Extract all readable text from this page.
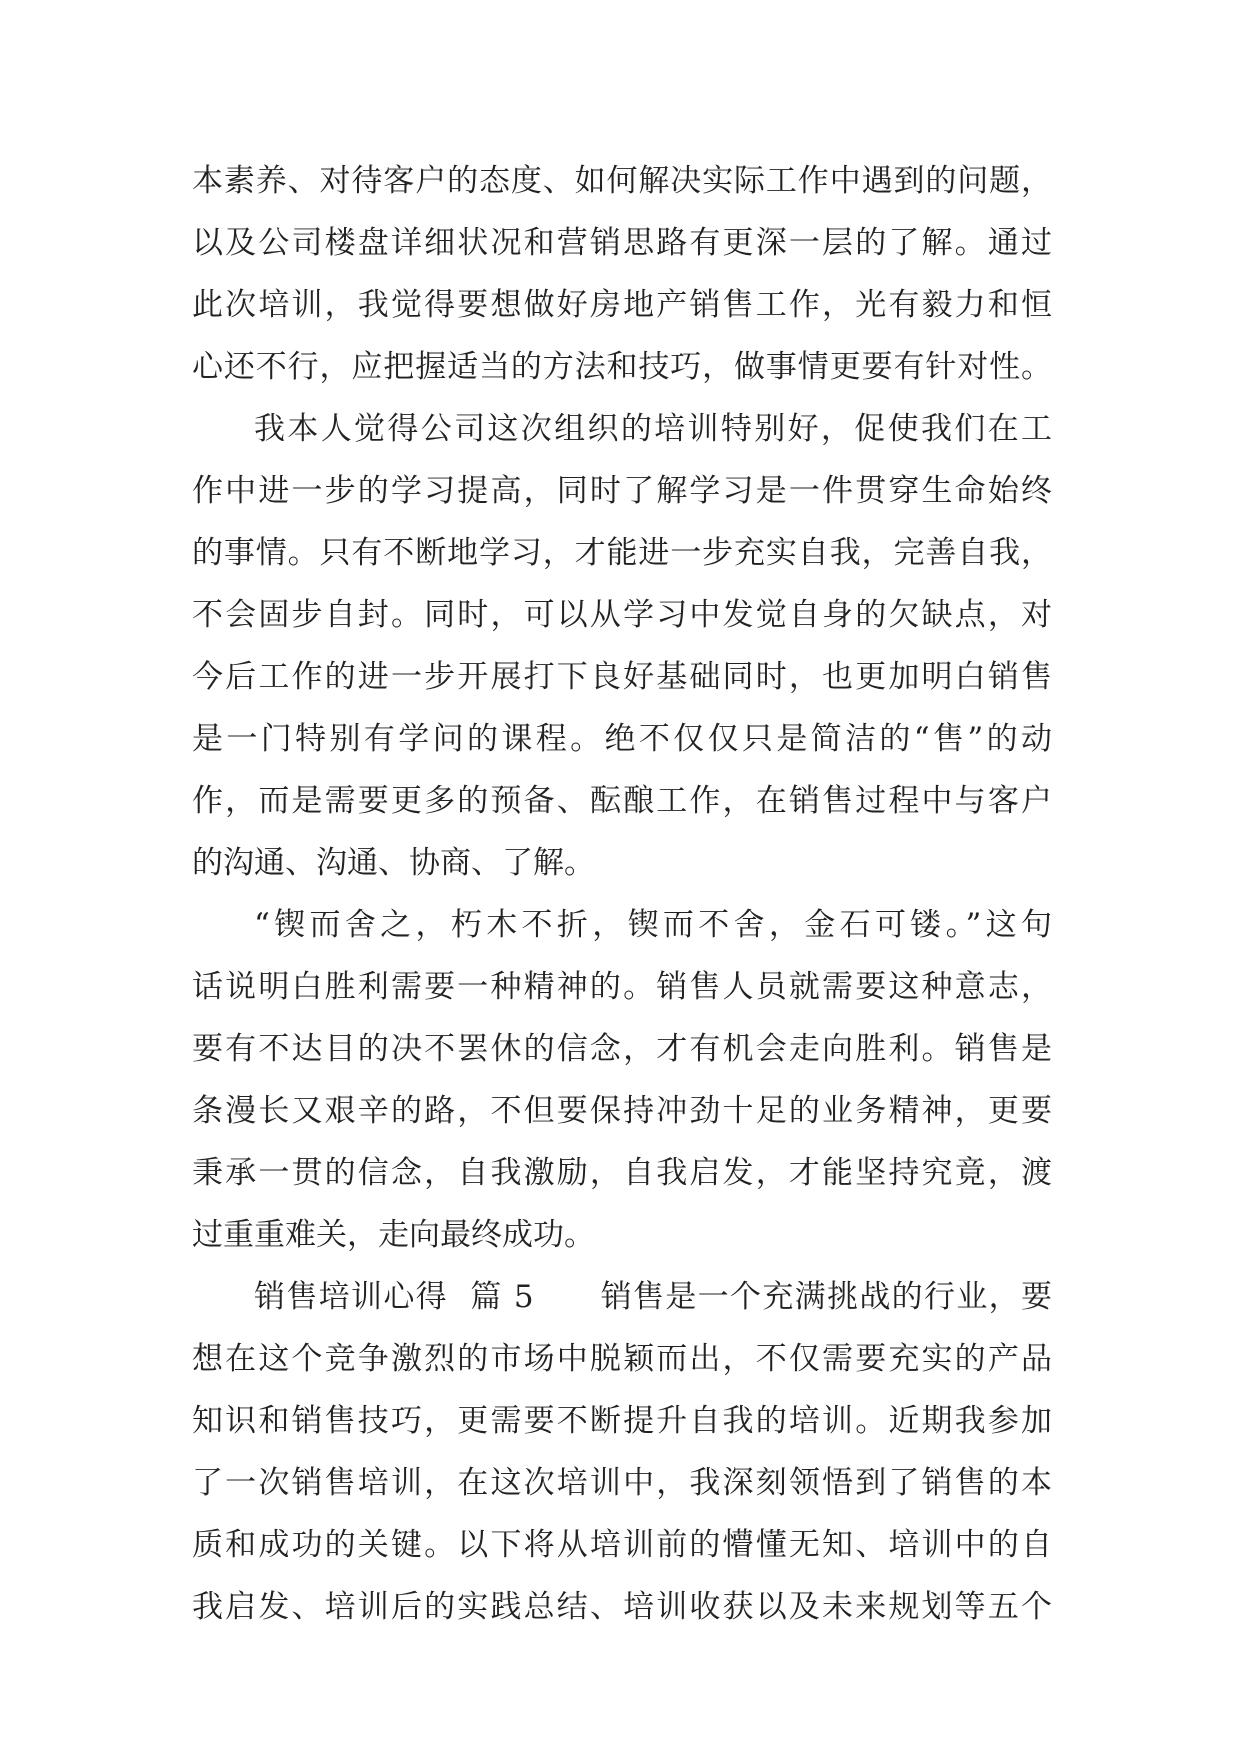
本素养、对待客户的态度、如何解决实际工作中遇到的问题，
以及公司楼盘详细状况和营销思路有更深一层的了解。通过
此次培训，我觉得要想做好房地产销售工作，光有毅力和恒
心还不行，应把握适当的方法和技巧，做事情更要有针对性。
我本人觉得公司这次组织的培训特别好，促使我们在工
作中进一步的学习提高，同时了解学习是一件贯穿生命始终
的事情。只有不断地学习，才能进一步充实自我，完善自我，
不会固步自封。同时，可以从学习中发觉自身的欠缺点，对
今后工作的进一步开展打下良好基础同时，也更加明白销售
是一门特别有学问的课程。绝不仅仅只是简洁的“售”的动
作，而是需要更多的预备、酝酿工作，在销售过程中与客户
的沟通、沟通、协商、了解。
“锲而舍之，朽木不折，锲而不舍，金石可镂。”这句
话说明白胜利需要一种精神的。销售人员就需要这种意志，
要有不达目的决不罢休的信念，才有机会走向胜利。销售是
条漫长又艰辛的路，不但要保持冲劲十足的业务精神，更要
秉承一贯的信念，自我激励，自我启发，才能坚持究竟，渡
过重重难关，走向最终成功。
销售培训心得  篇 5      销售是一个充满挑战的行业，要
想在这个竞争激烈的市场中脱颖而出，不仅需要充实的产品
知识和销售技巧，更需要不断提升自我的培训。近期我参加
了一次销售培训，在这次培训中，我深刻领悟到了销售的本
质和成功的关键。以下将从培训前的懵懂无知、培训中的自
我启发、培训后的实践总结、培训收获以及未来规划等五个
